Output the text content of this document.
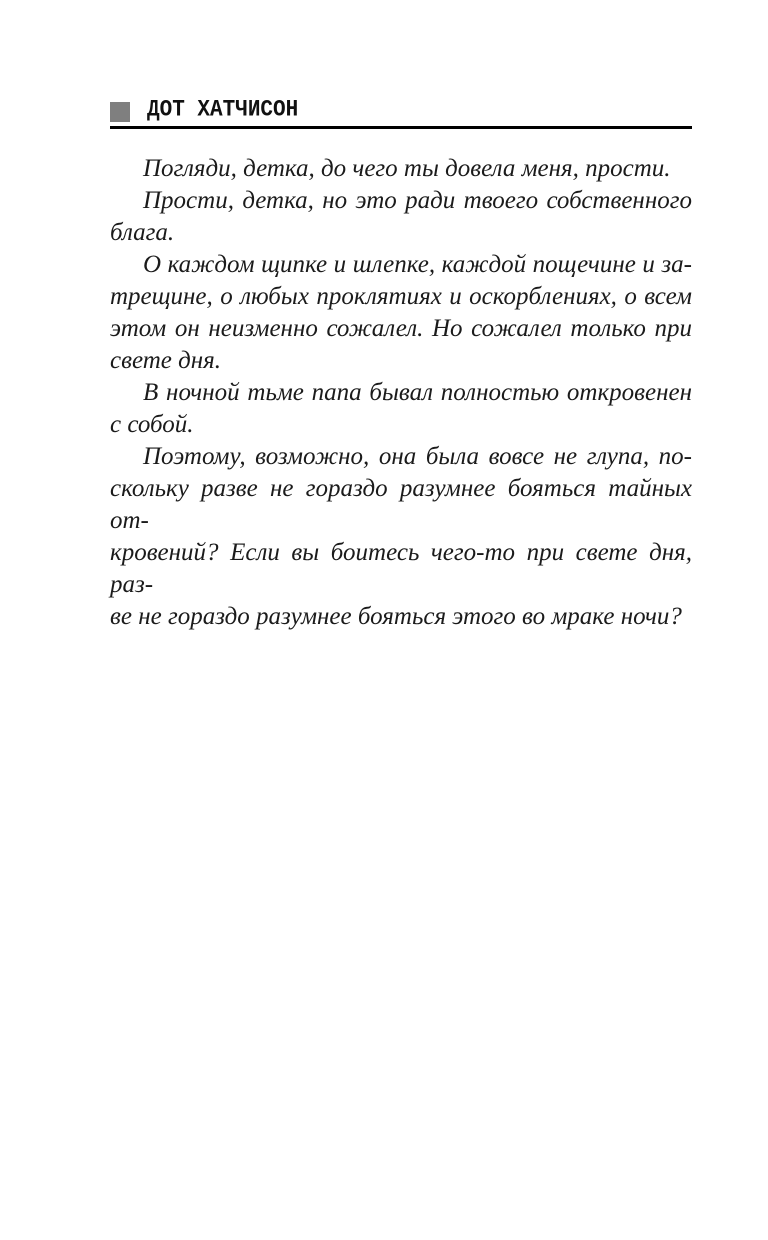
ДОТ ХАТЧИСОН
Погляди, детка, до чего ты довела меня, прости.
Прости, детка, но это ради твоего собственного
блага.
О каждом щипке и шлепке, каждой пощечине и за-
трещине, о любых проклятиях и оскорблениях, о всем
этом он неизменно сожалел. Но сожалел только при
свете дня.
В ночной тьме папа бывал полностью откровенен
с собой.
Поэтому, возможно, она была вовсе не глупа, по-
скольку разве не гораздо разумнее бояться тайных от-
кровений? Если вы боитесь чего-то при свете дня, раз-
ве не гораздо разумнее бояться этого во мраке ночи?
